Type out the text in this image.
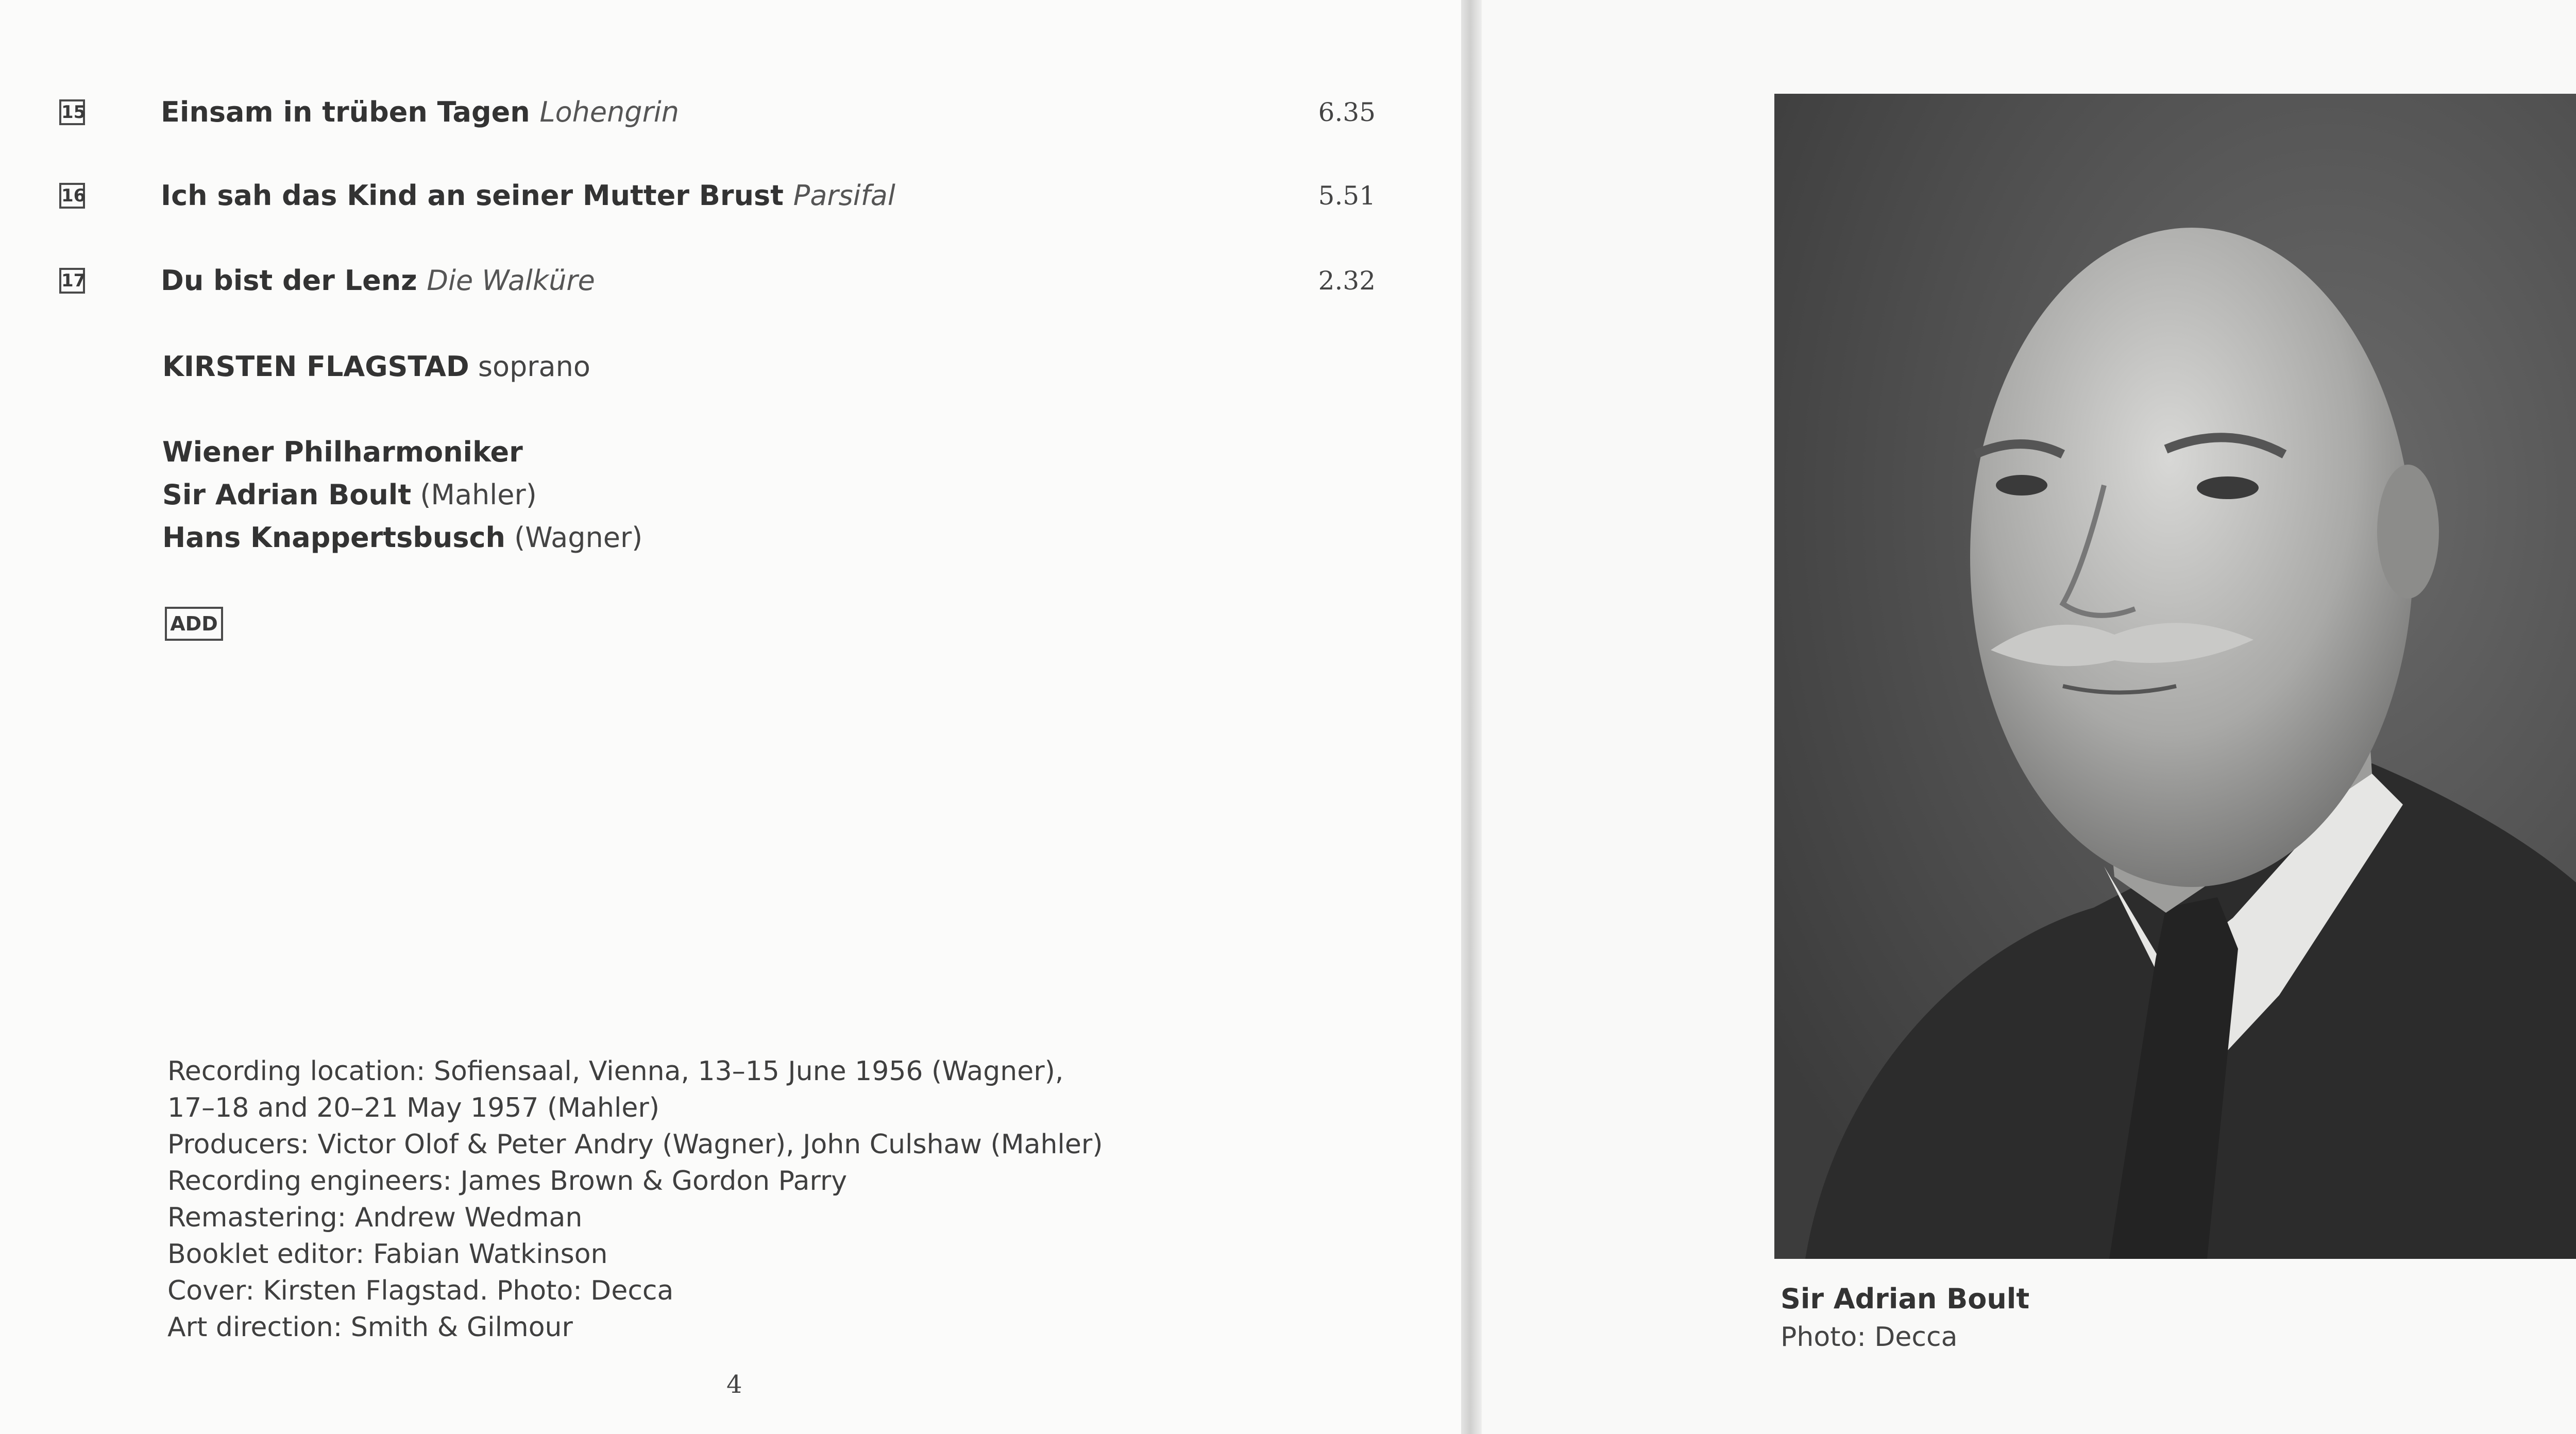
15	Einsam in trüben Tagen Lohengrin	6.35
16	Ich sah das Kind an seiner Mutter Brust Parsifal	5.51
17	Du bist der Lenz Die Walküre	2.32
KIRSTEN FLAGSTAD soprano
Wiener Philharmoniker
Sir Adrian Boult (Mahler)
Hans Knappertsbusch (Wagner)
ADD
Recording location: Sofiensaal, Vienna, 13–15 June 1956 (Wagner),
17–18 and 20–21 May 1957 (Mahler)
Producers: Victor Olof & Peter Andry (Wagner), John Culshaw (Mahler)
Recording engineers: James Brown & Gordon Parry
Remastering: Andrew Wedman
Booklet editor: Fabian Watkinson
Cover: Kirsten Flagstad. Photo: Decca
Art direction: Smith & Gilmour
4
Sir Adrian Boult
Photo: Decca
